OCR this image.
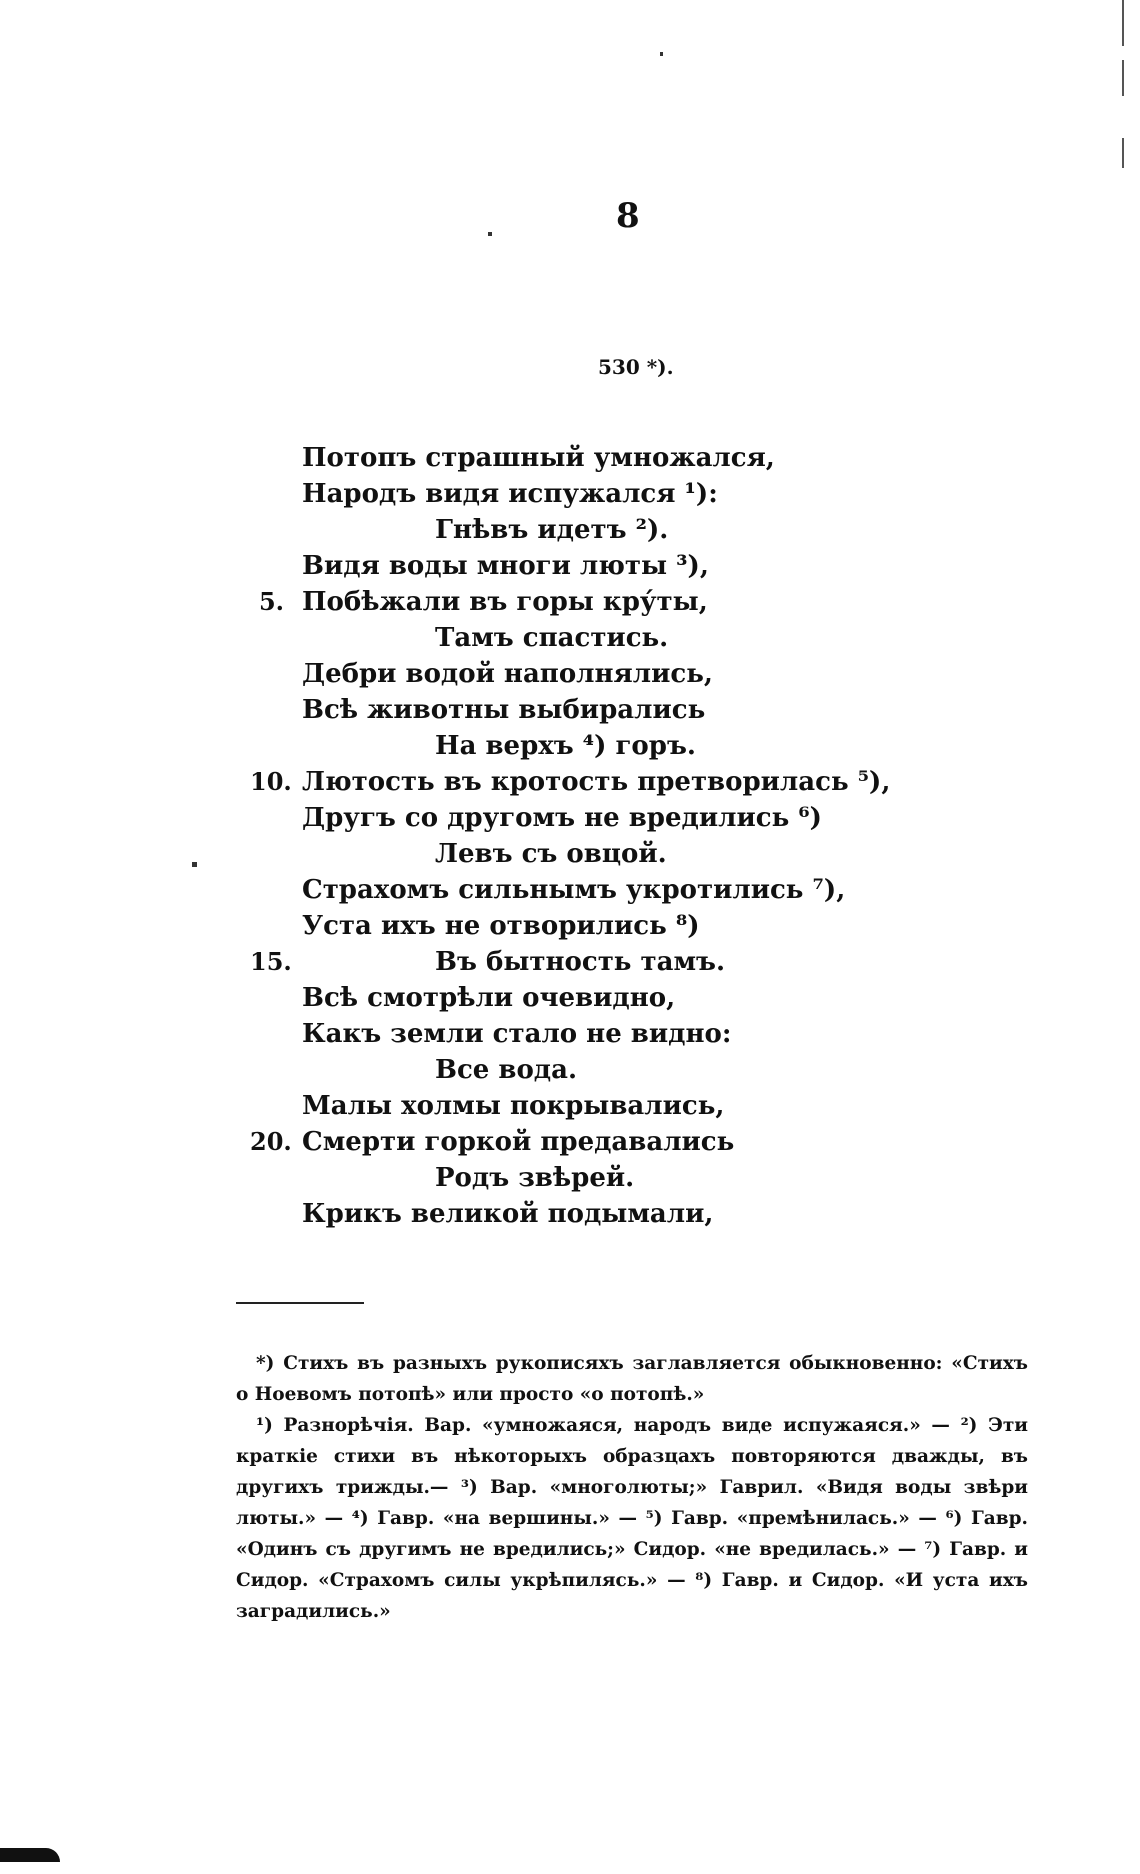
8
530 *).
Потопъ страшный умножался,
Народъ видя испужался ¹):
Гнѣвъ идетъ ²).
Видя воды многи люты ³),
5. Побѣжали въ горы кру́ты,
Тамъ спастись.
Дебри водой наполнялись,
Всѣ животны выбирались
На верхъ ⁴) горъ.
10. Лютость въ кротость претворилась ⁵),
Другъ со другомъ не вредились ⁶)
Левъ съ овцой.
Страхомъ сильнымъ укротились ⁷),
Уста ихъ не отворились ⁸)
15.	Въ бытность тамъ.
Всѣ смотрѣли очевидно,
Какъ земли стало не видно:
Все вода.
Малы холмы покрывались,
20. Смерти горкой предавались
Родъ звѣрей.
Крикъ великой подымали,

*) Стихъ въ разныхъ рукописяхъ заглавляется обыкновенно: «Стихъ о Ноевомъ потопѣ» или просто «о потопѣ.»

¹) Разнорѣчія. Вар. «умножаяся, народъ виде испужаяся.» — ²) Эти краткіе стихи въ нѣкоторыхъ образцахъ повторяются дважды, въ другихъ трижды.— ³) Вар. «многолюты;» Гаврил. «Видя воды звѣри люты.» — ⁴) Гавр. «на вершины.» — ⁵) Гавр. «премѣнилась.» — ⁶) Гавр. «Одинъ съ другимъ не вредились;» Сидор. «не вредилась.» — ⁷) Гавр. и Сидор. «Страхомъ силы укрѣпилясь.» — ⁸) Гавр. и Сидор. «И уста ихъ заградились.»
